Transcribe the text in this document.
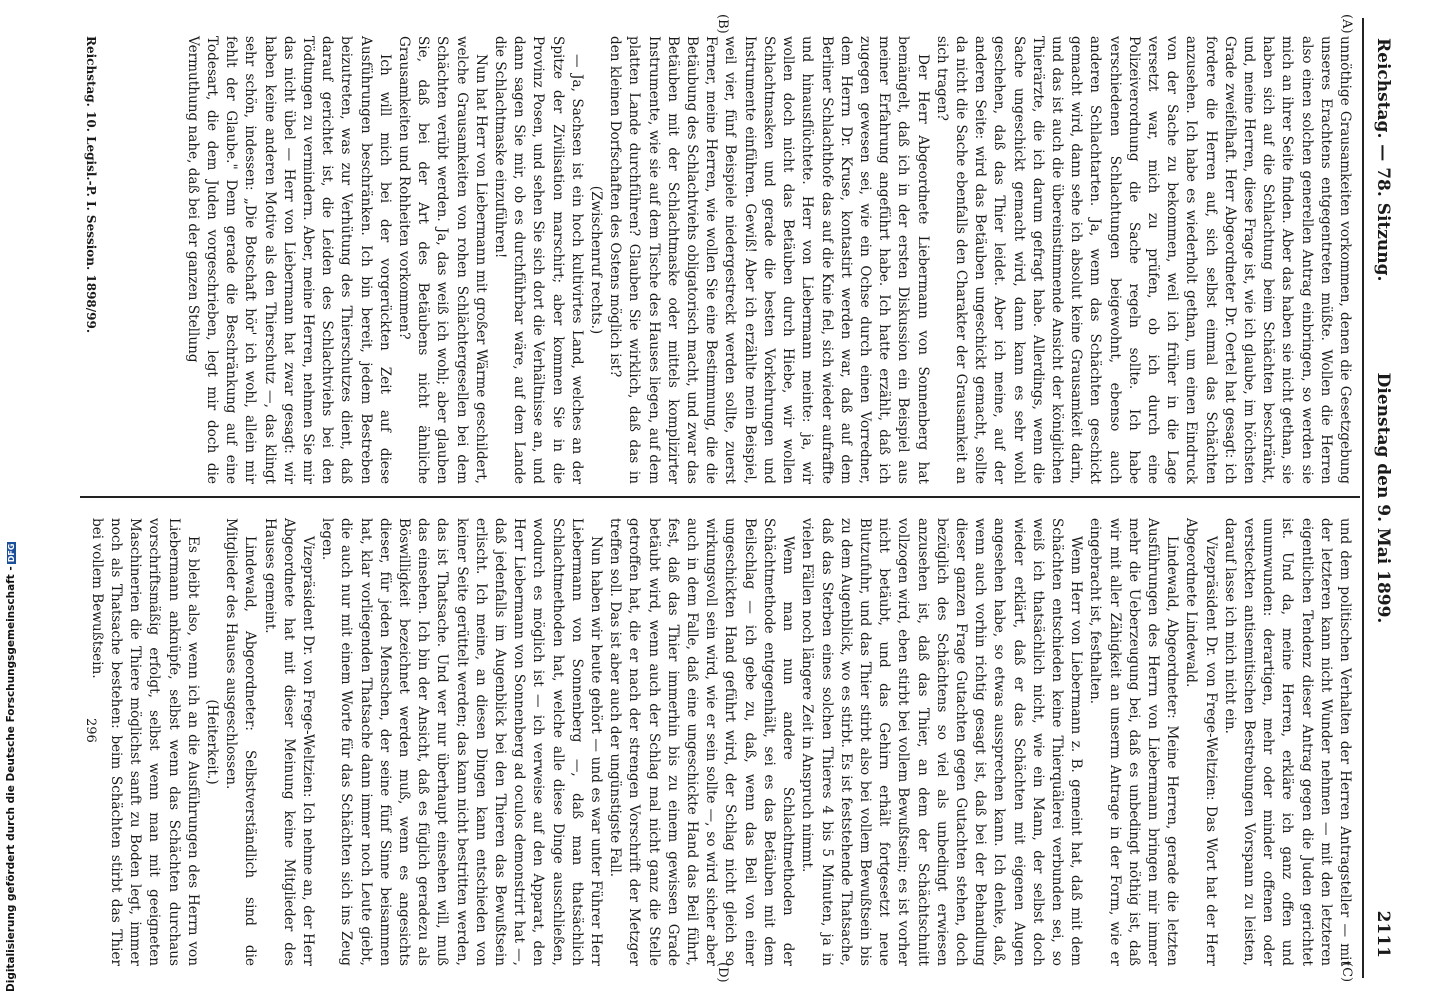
Reichstag. — 78. Sitzung.
Dienstag den 9. Mai 1899.
2111
(A)
(B)
(C)
(D)

unnöthige Grausamkeiten vorkommen, denen die Gesetzgebung unseres Erachtens entgegentreten müßte. Wollen die Herren also einen solchen generellen Antrag einbringen, so werden sie mich an ihrer Seite finden. Aber das haben sie nicht gethan, sie haben sich auf die Schlachtung beim Schächten beschränkt, und, meine Herren, diese Frage ist, wie ich glaube, im höchsten Grade zweifelhaft. Herr Abgeordneter Dr. Oertel hat gesagt: ich fordere die Herren auf, sich selbst einmal das Schächten anzusehen. Ich habe es wiederholt gethan, um einen Eindruck von der Sache zu bekommen, weil ich früher in die Lage versetzt war, mich zu prüfen, ob ich durch eine Polizeiverordnung die Sache regeln sollte. Ich habe verschiedenen Schlachtungen beigewohnt, ebenso auch anderen Schlachtarten. Ja, wenn das Schächten geschickt gemacht wird, dann sehe ich absolut keine Grausamkeit darin, und das ist auch die übereinstimmende Ansicht der königlichen Thierärzte, die ich darum gefragt habe. Allerdings, wenn die Sache ungeschickt gemacht wird, dann kann es sehr wohl geschehen, daß das Thier leidet. Aber ich meine, auf der anderen Seite: wird das Betäuben ungeschickt gemacht, sollte da nicht die Sache ebenfalls den Charakter der Grausamkeit an sich tragen?

Der Herr Abgeordnete Liebermann von Sonnenberg hat bemängelt, daß ich in der ersten Diskussion ein Beispiel aus meiner Erfahrung angeführt habe. Ich hatte erzählt, daß ich zugegen gewesen sei, wie ein Ochse durch einen Vorredner, dem Herrn Dr. Kruse, kontastirt werden war, daß auf dem Berliner Schlachthofe das auf die Knie fiel, sich wieder aufraffte und hinausflüchtete. Herr von Liebermann meinte: ja, wir wollen doch nicht das Betäuben durch Hiebe, wir wollen Schlachtmasken und gerade die besten Vorkehrungen und Instrumente einführen. Gewiß! Aber ich erzählte mein Beispiel, weil vier, fünf Beispiele niedergestreckt werden sollte, zuerst Ferner, meine Herren, wie wollen Sie eine Bestimmung, die die Betäubung des Schlachtviehs obligatorisch macht, und zwar das Betäuben mit der Schlachtmaske oder mittels komplizirter Instrumente, wie sie auf dem Tische des Hauses liegen, auf dem platten Lande durchführen? Glauben Sie wirklich, daß das in den kleinen Dorfschaften des Ostens möglich ist?

(Zwischenruf rechts.)

— Ja, Sachsen ist ein hoch kultivirtes Land, welches an der Spitze der Zivilisation marschirt; aber kommen Sie in die Provinz Posen, und sehen Sie sich dort die Verhältnisse an, und dann sagen Sie mir, ob es durchführbar wäre, auf dem Lande die Schlachtmaske einzuführen!

Nun hat Herr von Liebermann mit großer Wärme geschildert, welche Grausamkeiten von rohen Schlächtergesellen bei dem Schächten verübt werden. Ja, das weiß ich wohl; aber glauben Sie, daß bei der Art des Betäubens nicht ähnliche Grausamkeiten und Rohheiten vorkommen?

Ich will mich bei der vorgerückten Zeit auf diese Ausführungen beschränken. Ich bin bereit, jedem Bestreben beizutreten, was zur Verhütung des Thierschutzes dient, daß darauf gerichtet ist, die Leiden des Schlachtviehs bei den Tödtungen zu vermindern. Aber, meine Herren, nehmen Sie mir das nicht übel — Herr von Liebermann hat zwar gesagt: wir haben keine anderen Motive als den Thierschutz —, das klingt sehr schön, indessen: „Die Botschaft hör' ich wohl, allein mir fehlt der Glaube." Denn gerade die Beschränkung auf eine Todesart, die dem Juden vorgeschrieben, legt mir doch die Vermuthung nahe, daß bei der ganzen Stellung

und dem politischen Verhalten der Herren Antragsteller — mit der letzteren kann nicht Wunder nehmen — mit den letzteren eigentlichen Tendenz dieser Antrag gegen die Juden gerichtet ist. Und da, meine Herren, erkläre ich ganz offen und unumwunden: derartigen, mehr oder minder offenen oder versteckten antisemitischen Bestrebungen Vorspann zu leisten, darauf lasse ich mich nicht ein.

Vizepräsident Dr. von Frege-Weltzien: Das Wort hat der Herr Abgeordnete Lindewald.

Lindewald, Abgeordneter: Meine Herren, gerade die letzten Ausführungen des Herrn von Liebermann bringen mir immer mehr die Ueberzeugung bei, daß es unbedingt nöthig ist, daß wir mit aller Zähigkeit an unserm Antrage in der Form, wie er eingebracht ist, festhalten.

Wenn Herr von Liebermann z. B. gemeint hat, daß mit dem Schächten entschieden keine Thierquälerei verbunden sei, so weiß ich thatsächlich nicht, wie ein Mann, der selbst doch wieder erklärt, daß er das Schächten mit eigenen Augen angesehen habe, so etwas aussprechen kann. Ich denke, daß, wenn auch vorhin richtig gesagt ist, daß bei der Behandlung dieser ganzen Frage Gutachten gegen Gutachten stehen, doch bezüglich des Schächtens so viel als unbedingt erwiesen anzusehen ist, daß das Thier, an dem der Schächtschnitt vollzogen wird, eben stirbt bei vollem Bewußtsein; es ist vorher nicht betäubt, und das Gehirn erhält fortgesetzt neue Blutzufuhr, und das Thier stirbt also bei vollem Bewußtsein bis zu dem Augenblick, wo es stirbt. Es ist feststehende Thatsache, daß das Sterben eines solchen Thieres 4 bis 5 Minuten, ja in vielen Fällen noch längere Zeit in Anspruch nimmt.

Wenn man nun andere Schlachtmethoden der Schächtmethode entgegenhält, sei es das Betäuben mit dem Beilschlag — ich gebe zu, daß, wenn das Beil von einer ungeschickten Hand geführt wird, der Schlag nicht gleich so wirkungsvoll sein wird, wie er sein sollte —, so wird sicher aber auch in dem Falle, daß eine ungeschickte Hand das Beil führt, fest, daß das Thier immerhin bis zu einem gewissen Grade betäubt wird, wenn auch der Schlag mal nicht ganz die Stelle getroffen hat, die er nach der strengen Vorschrift der Metzger treffen soll. Das ist aber auch der ungünstigste Fall.

Nun haben wir heute gehört — und es war unter Führer Herr Liebermann von Sonnenberg —, daß man thatsächlich Schlachtmethoden hat, welche alle diese Dinge ausschließen, wodurch es möglich ist — ich verweise auf den Apparat, den Herr Liebermann von Sonnenberg ad oculos demonstrirt hat —, daß jedenfalls im Augenblick bei den Thieren das Bewußtsein erlischt. Ich meine, an diesen Dingen kann entschieden von keiner Seite gerüttelt werden; das kann nicht bestritten werden, das ist Thatsache. Und wer nur überhaupt einsehen will, muß das einsehen. Ich bin der Ansicht, daß es füglich geradezu als Böswilligkeit bezeichnet werden muß, wenn es angesichts dieser, für jeden Menschen, der seine fünf Sinne beisammen hat, klar vorliegenden Thatsache dann immer noch Leute giebt, die auch nur mit einem Worte für das Schächten sich ins Zeug legen.

Vizepräsident Dr. von Frege-Weltzien: Ich nehme an, der Herr Abgeordnete hat mit dieser Meinung keine Mitglieder des Hauses gemeint.

Lindewald, Abgeordneter: Selbstverständlich sind die Mitglieder des Hauses ausgeschlossen.

(Heiterkeit.)

Es bleibt also, wenn ich an die Ausführungen des Herrn von Liebermann anknüpfe, selbst wenn das Schächten durchaus vorschriftsmäßig erfolgt, selbst wenn man mit geeigneten Maschinerien die Thiere möglichst sanft zu Boden legt, immer noch als Thatsache bestehen: beim Schächten stirbt das Thier bei vollem Bewußtsein.

Reichstag. 10. Legisl.-P. I. Session. 1898/99.
296
Digitalisierung gefördert durch die Deutsche Forschungsgemeinschaft -DFG
